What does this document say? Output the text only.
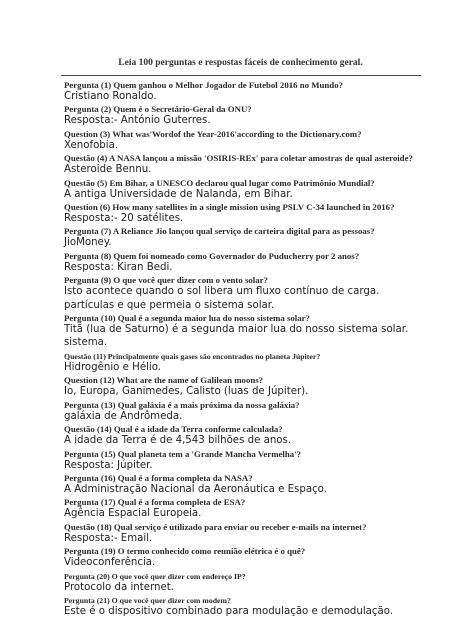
Leia 100 perguntas e respostas fáceis de conhecimento geral.
Pergunta (1) Quem ganhou o Melhor Jogador de Futebol 2016 no Mundo?
Cristiano Ronaldo.
Pergunta (2) Quem é o Secretário-Geral da ONU?
Resposta:- António Guterres.
Question (3) What was'Wordof the Year-2016'according to the Dictionary.com?
Xenofobia.
Questão (4) A NASA lançou a missão 'OSIRIS-REx' para coletar amostras de qual asteroide?
Asteroide Bennu.
Questão (5) Em Bihar, a UNESCO declarou qual lugar como Patrimônio Mundial?
A antiga Universidade de Nalanda, em Bihar.
Question (6) How many satellites in a single mission using PSLV C-34 launched in 2016?
Resposta:- 20 satélites.
Pergunta (7) A Reliance Jio lançou qual serviço de carteira digital para as pessoas?
JioMoney.
Pergunta (8) Quem foi nomeado como Governador do Puducherry por 2 anos?
Resposta: Kiran Bedi.
Pergunta (9) O que você quer dizer com o vento solar?
Isto acontece quando o sol libera um fluxo contínuo de carga.
partículas e que permeia o sistema solar.
Pergunta (10) Qual é a segunda maior lua do nosso sistema solar?
Titã (lua de Saturno) é a segunda maior lua do nosso sistema solar.
sistema.
Questão (11) Principalmente quais gases são encontrados no planeta Júpiter?
Hidrogênio e Hélio.
Question (12) What are the name of Galilean moons?
Io, Europa, Ganimedes, Calisto (luas de Júpiter).
Pergunta (13) Qual galáxia é a mais próxima da nossa galáxia?
galáxia de Andrômeda.
Questão (14) Qual é a idade da Terra conforme calculada?
A idade da Terra é de 4,543 bilhões de anos.
Pergunta (15) Qual planeta tem a 'Grande Mancha Vermelha'?
Resposta: Júpiter.
Pergunta (16) Qual é a forma completa da NASA?
A Administração Nacional da Aeronáutica e Espaço.
Pergunta (17) Qual é a forma completa de ESA?
Agência Espacial Europeia.
Questão (18) Qual serviço é utilizado para enviar ou receber e-mails na internet?
Resposta:- Email.
Pergunta (19) O termo conhecido como reunião elétrica é o quê?
Videoconferência.
Pergunta (20) O que você quer dizer com endereço IP?
Protocolo da internet.
Pergunta (21) O que você quer dizer com modem?
Este é o dispositivo combinado para modulação e demodulação.
